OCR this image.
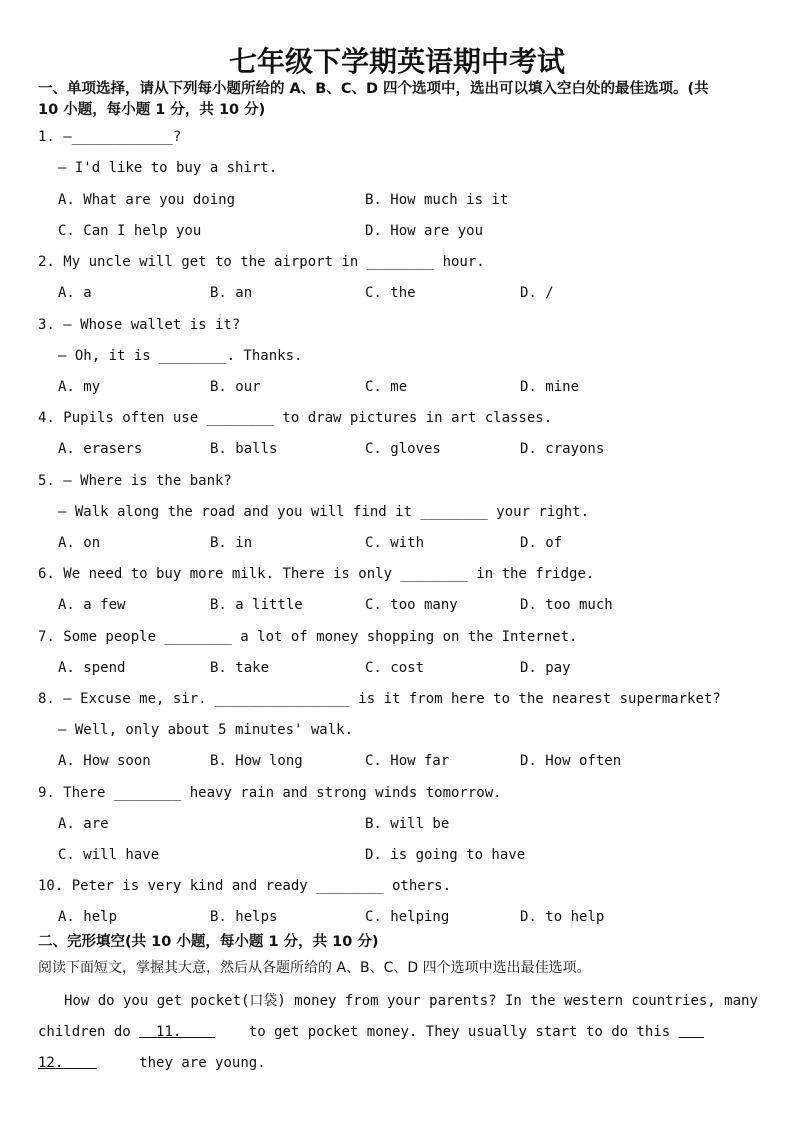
七年级下学期英语期中考试
一、单项选择，请从下列每小题所给的 A、B、C、D 四个选项中，选出可以填入空白处的最佳选项。(共
10 小题，每小题 1 分，共 10 分)
1. —____________?
— I'd like to buy a shirt.
A. What are you doing	B. How much is it
C. Can I help you	D. How are you
2. My uncle will get to the airport in ________ hour.
A. a	B. an	C. the	D. /
3. — Whose wallet is it?
— Oh, it is ________. Thanks.
A. my	B. our	C. me	D. mine
4. Pupils often use ________ to draw pictures in art classes.
A. erasers	B. balls	C. gloves	D. crayons
5. — Where is the bank?
— Walk along the road and you will find it ________ your right.
A. on	B. in	C. with	D. of
6. We need to buy more milk. There is only ________ in the fridge.
A. a few	B. a little	C. too many	D. too much
7. Some people ________ a lot of money shopping on the Internet.
A. spend	B. take	C. cost	D. pay
8. — Excuse me, sir. ________________ is it from here to the nearest supermarket?
— Well, only about 5 minutes' walk.
A. How soon	B. How long	C. How far	D. How often
9. There ________ heavy rain and strong winds tomorrow.
A. are	B. will be
C. will have	D. is going to have
10. Peter is very kind and ready ________ others.
A. help	B. helps	C. helping	D. to help
二、完形填空(共 10 小题，每小题 1 分，共 10 分)
阅读下面短文，掌握其大意，然后从各题所给的 A、B、C、D 四个选项中选出最佳选项。
How do you get pocket(口袋) money from your parents? In the western countries, many
children do 11.	to get pocket money. They usually start to do this
12.	they are young.
